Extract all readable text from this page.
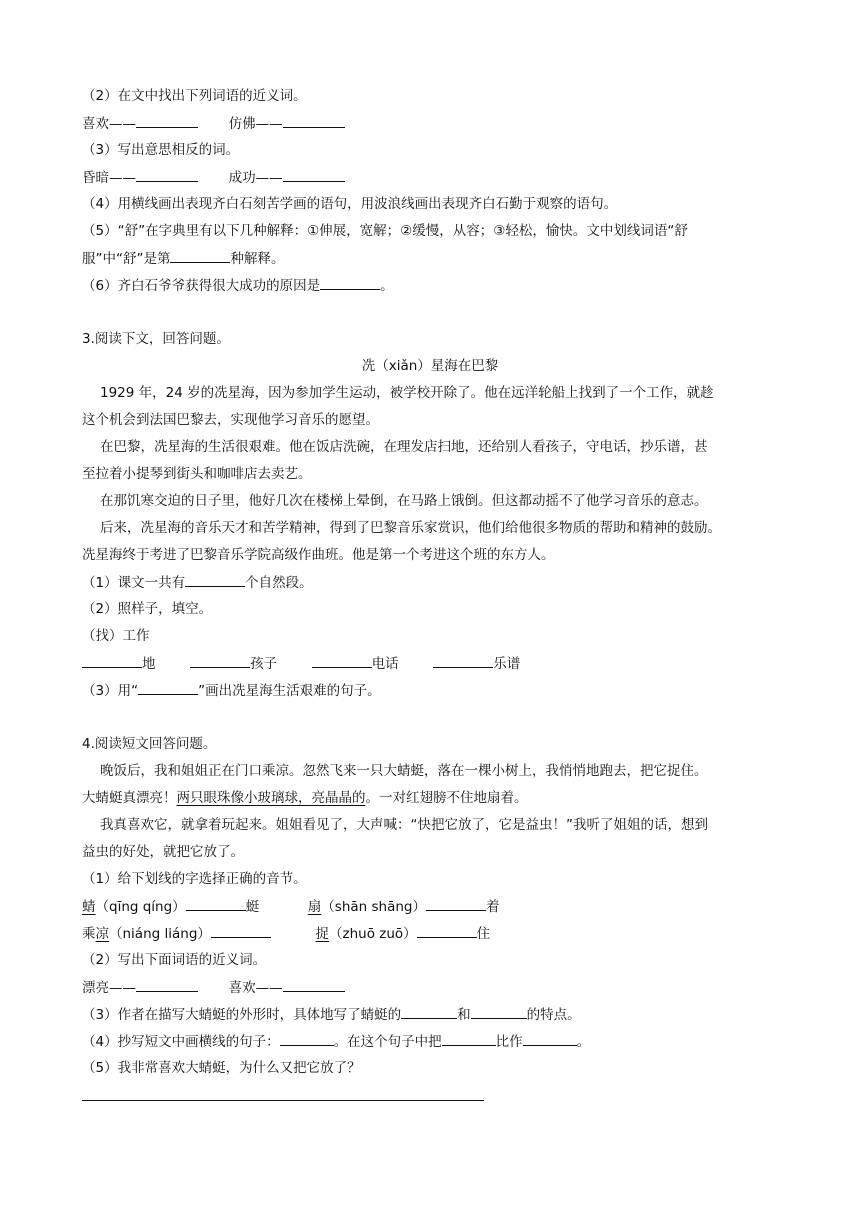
（2）在文中找出下列词语的近义词。
喜欢——	仿佛——
（3）写出意思相反的词。
昏暗——	成功——
（4）用横线画出表现齐白石刻苦学画的语句，用波浪线画出表现齐白石勤于观察的语句。
（5）“舒”在字典里有以下几种解释：①伸展，宽解；②缓慢，从容；③轻松，愉快。文中划线词语“舒
服”中“舒”是第	种解释。
（6）齐白石爷爷获得很大成功的原因是	。
3.阅读下文，回答问题。
冼（xiǎn）星海在巴黎
1929 年，24 岁的冼星海，因为参加学生运动，被学校开除了。他在远洋轮船上找到了一个工作，就趁
这个机会到法国巴黎去，实现他学习音乐的愿望。
在巴黎，冼星海的生活很艰难。他在饭店洗碗，在理发店扫地，还给别人看孩子，守电话，抄乐谱，甚
至拉着小提琴到街头和咖啡店去卖艺。
在那饥寒交迫的日子里，他好几次在楼梯上晕倒，在马路上饿倒。但这都动摇不了他学习音乐的意志。
后来，冼星海的音乐天才和苦学精神，得到了巴黎音乐家赏识，他们给他很多物质的帮助和精神的鼓励。
冼星海终于考进了巴黎音乐学院高级作曲班。他是第一个考进这个班的东方人。
（1）课文一共有	个自然段。
（2）照样子，填空。
（找）工作
地	孩子	电话	乐谱
（3）用“	”画出冼星海生活艰难的句子。
4.阅读短文回答问题。
晚饭后，我和姐姐正在门口乘凉。忽然飞来一只大蜻蜓，落在一棵小树上，我悄悄地跑去，把它捉住。
大蜻蜓真漂亮！两只眼珠像小玻璃球，亮晶晶的。一对红翅膀不住地扇着。
我真喜欢它，就拿着玩起来。姐姐看见了，大声喊：“快把它放了，它是益虫！”我听了姐姐的话，想到
益虫的好处，就把它放了。
（1）给下划线的字选择正确的音节。
蜻（qīng qíng）	蜓	扇（shān shāng）	着
乘凉（niáng liáng）	捉（zhuō zuō）	住
（2）写出下面词语的近义词。
漂亮——	喜欢——
（3）作者在描写大蜻蜓的外形时，具体地写了蜻蜓的	和	的特点。
（4）抄写短文中画横线的句子：	。在这个句子中把	比作	。
（5）我非常喜欢大蜻蜓，为什么又把它放了？
